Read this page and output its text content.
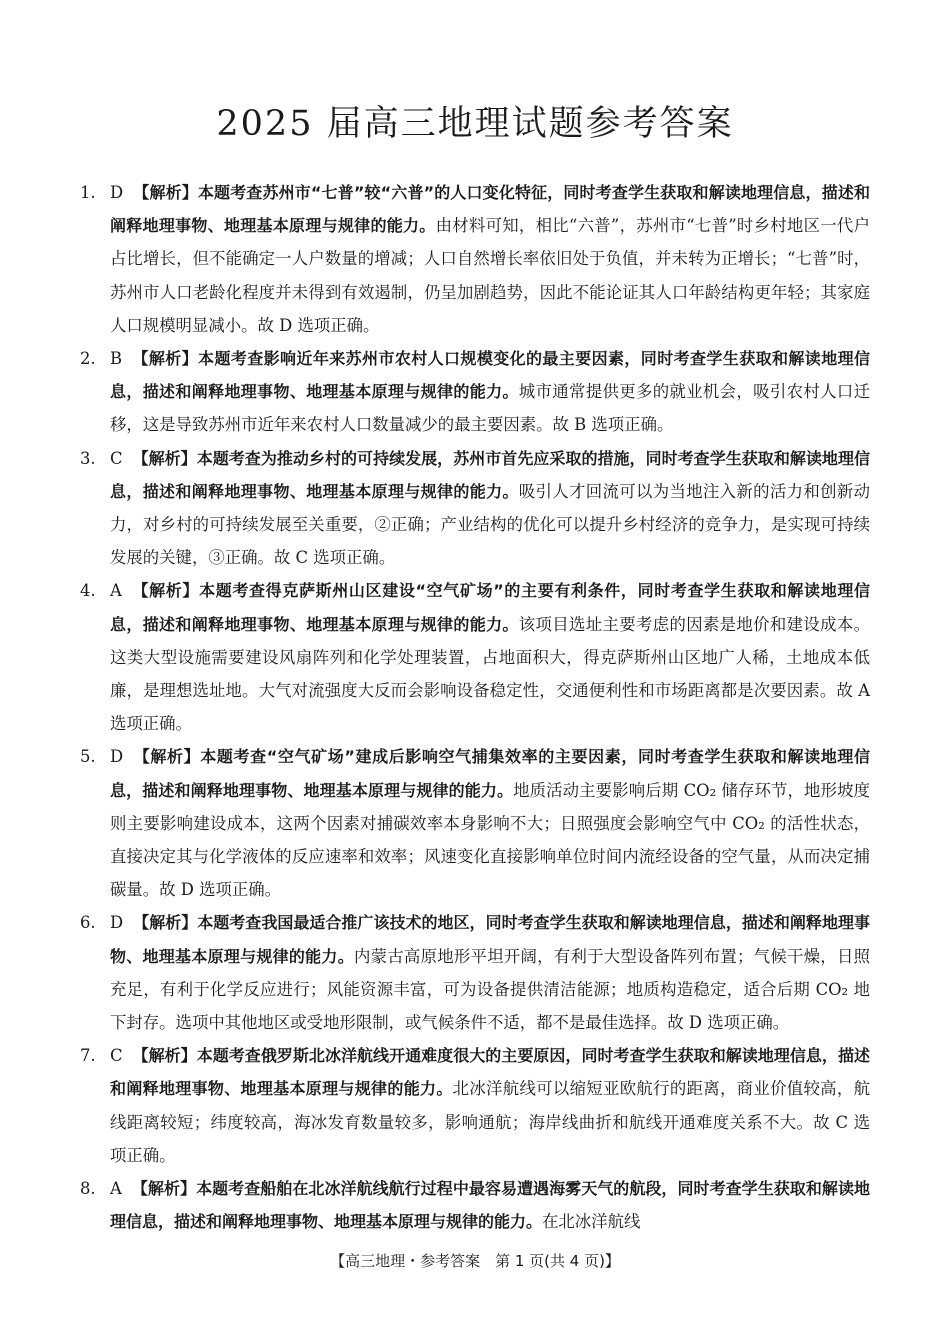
2025 届高三地理试题参考答案
1. D 【解析】本题考查苏州市“七普”较“六普”的人口变化特征，同时考查学生获取和解读地理信息，描述和阐释地理事物、地理基本原理与规律的能力。由材料可知，相比“六普”，苏州市“七普”时乡村地区一代户占比增长，但不能确定一人户数量的增减；人口自然增长率依旧处于负值，并未转为正增长；“七普”时，苏州市人口老龄化程度并未得到有效遏制，仍呈加剧趋势，因此不能论证其人口年龄结构更年轻；其家庭人口规模明显减小。故 D 选项正确。
2. B 【解析】本题考查影响近年来苏州市农村人口规模变化的最主要因素，同时考查学生获取和解读地理信息，描述和阐释地理事物、地理基本原理与规律的能力。城市通常提供更多的就业机会，吸引农村人口迁移，这是导致苏州市近年来农村人口数量减少的最主要因素。故 B 选项正确。
3. C 【解析】本题考查为推动乡村的可持续发展，苏州市首先应采取的措施，同时考查学生获取和解读地理信息，描述和阐释地理事物、地理基本原理与规律的能力。吸引人才回流可以为当地注入新的活力和创新动力，对乡村的可持续发展至关重要，②正确；产业结构的优化可以提升乡村经济的竞争力，是实现可持续发展的关键，③正确。故 C 选项正确。
4. A 【解析】本题考查得克萨斯州山区建设“空气矿场”的主要有利条件，同时考查学生获取和解读地理信息，描述和阐释地理事物、地理基本原理与规律的能力。该项目选址主要考虑的因素是地价和建设成本。这类大型设施需要建设风扇阵列和化学处理装置，占地面积大，得克萨斯州山区地广人稀，土地成本低廉，是理想选址地。大气对流强度大反而会影响设备稳定性，交通便利性和市场距离都是次要因素。故 A 选项正确。
5. D 【解析】本题考查“空气矿场”建成后影响空气捕集效率的主要因素，同时考查学生获取和解读地理信息，描述和阐释地理事物、地理基本原理与规律的能力。地质活动主要影响后期 CO₂ 储存环节，地形坡度则主要影响建设成本，这两个因素对捕碳效率本身影响不大；日照强度会影响空气中 CO₂ 的活性状态，直接决定其与化学液体的反应速率和效率；风速变化直接影响单位时间内流经设备的空气量，从而决定捕碳量。故 D 选项正确。
6. D 【解析】本题考查我国最适合推广该技术的地区，同时考查学生获取和解读地理信息，描述和阐释地理事物、地理基本原理与规律的能力。内蒙古高原地形平坦开阔，有利于大型设备阵列布置；气候干燥，日照充足，有利于化学反应进行；风能资源丰富，可为设备提供清洁能源；地质构造稳定，适合后期 CO₂ 地下封存。选项中其他地区或受地形限制，或气候条件不适，都不是最佳选择。故 D 选项正确。
7. C 【解析】本题考查俄罗斯北冰洋航线开通难度很大的主要原因，同时考查学生获取和解读地理信息，描述和阐释地理事物、地理基本原理与规律的能力。北冰洋航线可以缩短亚欧航行的距离，商业价值较高，航线距离较短；纬度较高，海冰发育数量较多，影响通航；海岸线曲折和航线开通难度关系不大。故 C 选项正确。
8. A 【解析】本题考查船舶在北冰洋航线航行过程中最容易遭遇海雾天气的航段，同时考查学生获取和解读地理信息，描述和阐释地理事物、地理基本原理与规律的能力。在北冰洋航线
【高三地理・参考答案　第 1 页(共 4 页)】
